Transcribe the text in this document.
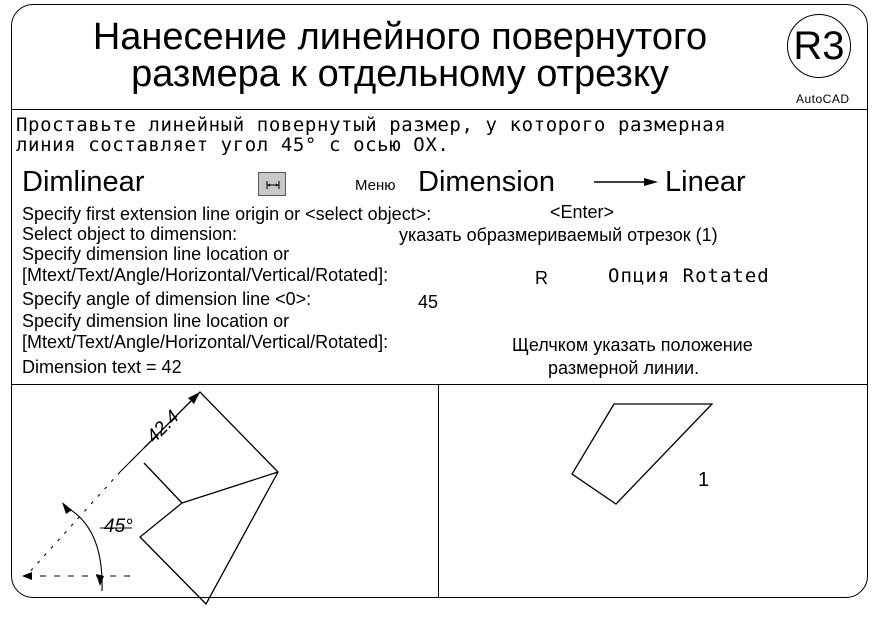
Нанесение линейного повернутого
размера к отдельному отрезку
R3
AutoCAD
Проставьте линейный повернутый размер, у которого размерная
линия составляет угол 45° с осью OX.
Dimlinear	Меню Dimension	Linear
Specify first extension line origin or <select object>:
Select object to dimension:
Specify dimension line location or
[Mtext/Text/Angle/Horizontal/Vertical/Rotated]:
Specify angle of dimension line <0>:
Specify dimension line location or
[Mtext/Text/Angle/Horizontal/Vertical/Rotated]:
Dimension text = 42
<Enter>
указать образмериваемый отрезок (1)
R	Опция Rotated
45
Щелчком указать положение
размерной линии.
42.4
45°
1
